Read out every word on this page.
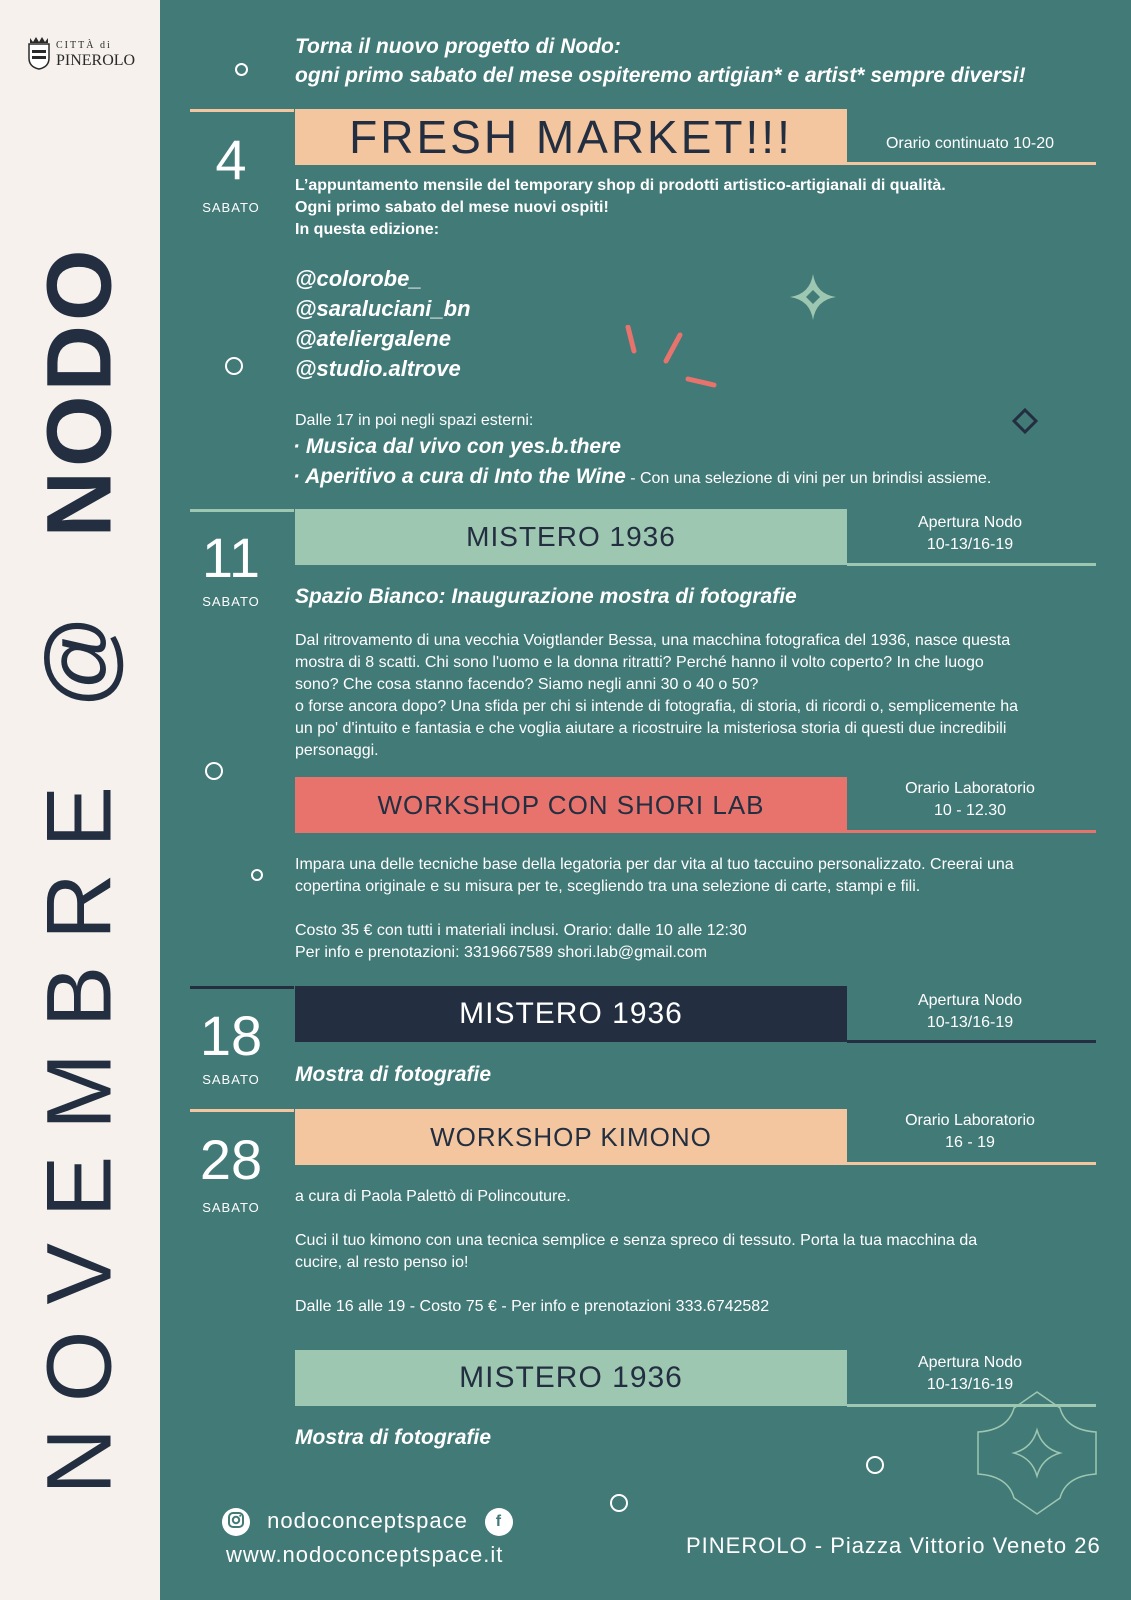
CITTÀ di
PINEROLO
NOVEMBRE @ NODO
Torna il nuovo progetto di Nodo:
ogni primo sabato del mese ospiteremo artigian* e artist* sempre diversi!
4
SABATO
FRESH MARKET!!!	Orario continuato 10-20
L’appuntamento mensile del temporary shop di prodotti artistico-artigianali di qualità.
Ogni primo sabato del mese nuovi ospiti!
In questa edizione:
@colorobe_
@saraluciani_bn
@ateliergalene
@studio.altrove
Dalle 17 in poi negli spazi esterni:
· Musica dal vivo con yes.b.there
· Aperitivo a cura di Into the Wine - Con una selezione di vini per un brindisi assieme.
11
SABATO
MISTERO 1936	Apertura Nodo
10-13/16-19
Spazio Bianco: Inaugurazione mostra di fotografie
Dal ritrovamento di una vecchia Voigtlander Bessa, una macchina fotografica del 1936, nasce questa
mostra di 8 scatti. Chi sono l'uomo e la donna ritratti? Perché hanno il volto coperto? In che luogo
sono? Che cosa stanno facendo? Siamo negli anni 30 o 40 o 50?
o forse ancora dopo? Una sfida per chi si intende di fotografia, di storia, di ricordi o, semplicemente ha
un po' d'intuito e fantasia e che voglia aiutare a ricostruire la misteriosa storia di questi due incredibili
personaggi.
WORKSHOP CON SHORI LAB
Orario Laboratorio
10 - 12.30
Impara una delle tecniche base della legatoria per dar vita al tuo taccuino personalizzato. Creerai una
copertina originale e su misura per te, scegliendo tra una selezione di carte, stampi e fili.
Costo 35 € con tutti i materiali inclusi. Orario: dalle 10 alle 12:30
Per info e prenotazioni: 3319667589 shori.lab@gmail.com
18
SABATO
MISTERO 1936	Apertura Nodo
10-13/16-19
Mostra di fotografie
28
SABATO
WORKSHOP KIMONO
Orario Laboratorio
16 - 19
a cura di Paola Palettò di Polincouture.
Cuci il tuo kimono con una tecnica semplice e senza spreco di tessuto. Porta la tua macchina da
cucire, al resto penso io!
Dalle 16 alle 19 - Costo 75 € - Per info e prenotazioni 333.6742582
MISTERO 1936	Apertura Nodo
10-13/16-19
Mostra di fotografie
nodoconceptspace f
www.nodoconceptspace.it	PINEROLO - Piazza Vittorio Veneto 26
